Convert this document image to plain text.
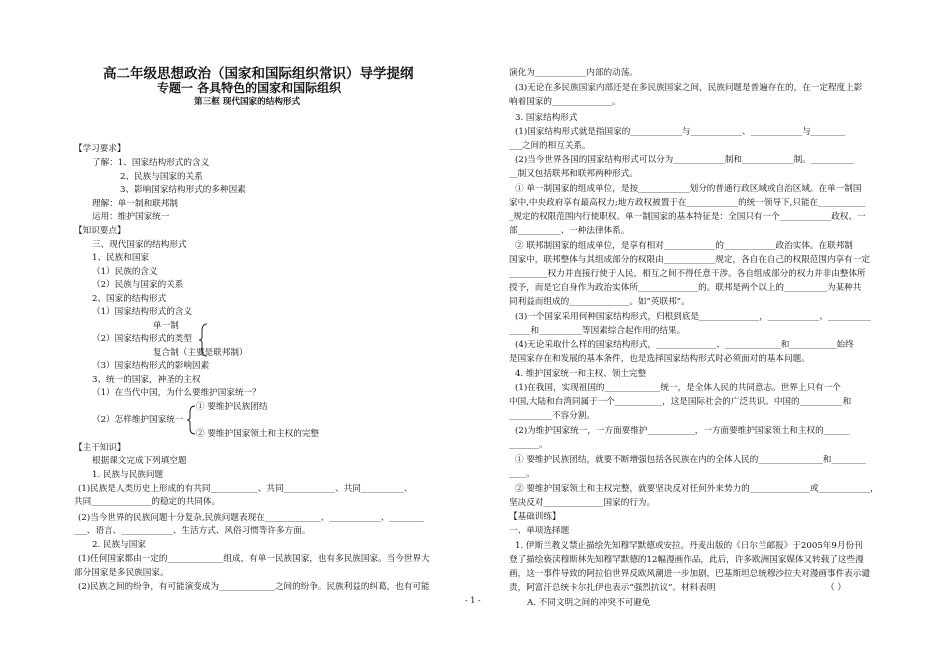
高二年级思想政治（国家和国际组织常识）导学提纲
专题一 各具特色的国家和国际组织
第三框 现代国家的结构形式
【学习要求】
了解：1、国家结构形式的含义
2、民族与国家的关系
3、影响国家结构形式的多种因素
理解：单一制和联邦制
运用：维护国家统一
【知识要点】
三、现代国家的结构形式
1、民族和国家
（1）民族的含义
（2）民族与国家的关系
2、国家的结构形式
（1）国家结构形式的含义
单一制
（2）国家结构形式的类型
复合制（主要是联邦制）
（3）国家结构形式的影响因素
3、统一的国家，神圣的主权
（1）在当代中国，为什么要维护国家统一？
① 要维护民族团结
（2）怎样维护国家统一
② 要维护国家领土和主权的完整
【主干知识】
根据课文完成下列填空题
1. 民族与民族问题
(1)民族是人类历史上形成的有共同___________、共同____________、共同__________、
共同______________的稳定的共同体。
(2)当今世界的民族问题十分复杂,民族问题表现在_____________、____________、________
___、语言、____________、生活方式、风俗习惯等许多方面。
2. 民族与国家
(1)任何国家都由一定的_____________组成，有单一民族国家，也有多民族国家。当今世界大
部分国家是多民族国家。
(2)民族之间的纷争，有可能演变成为_____________之间的纷争。民族利益的纠葛，也有可能
演化为____________内部的动荡。
(3)无论在多民族国家内部还是在多民族国家之间，民族问题是普遍存在的，在一定程度上影
响着国家的______________。
3. 国家结构形式
(1)国家结构形式就是指国家的____________与____________、____________与________
___之间的相互关系。
(2)当今世界各国的国家结构形式可以分为____________制和____________制。__________
__制又包括联邦和联邦两种形式。
① 单一制国家的组成单位，是按____________划分的普通行政区域或自治区域。在单一制国
家中,中央政府享有最高权力;地方政权被置于在____________的统一领导下,只能在___________
_规定的权限范围内行使职权。单一制国家的基本特征是：全国只有一个____________政权、一
部__________、一种法律体系。
② 联邦制国家的组成单位，是享有相对____________的____________政治实体。在联邦制
国家中，联邦整体与其组成部分的权限由____________规定，各自在自己的权限范围内享有一定
_________权力并直接行使于人民，相互之间不得任意干涉。各自组成部分的权力并非由整体所
授予，而是它自身作为政治实体所______________的。联邦是两个以上的__________为某种共
同利益而组成的______________。如“英联邦”。
(3)一个国家采用何种国家结构形式，归根到底是______________，____________、__________
_____和__________等因素综合起作用的结果。
(4)无论采取什么样的国家结构形式，______________、_____________和___________始终
是国家存在和发展的基本条件，也是选择国家结构形式时必须面对的基本问题。
4. 维护国家统一和主权、领土完整
(1)在我国，实现祖国的_____________统一，是全体人民的共同意志。世界上只有一个
中国,大陆和台湾同属于一个___________，这是国际社会的广泛共识。中国的__________和
__________不容分割。
(2)为维护国家统一，一方面要维护___________，一方面要维护国家领土和主权的______
_______。
① 要维护民族团结，就要不断增强包括各民族在内的全体人民的_______________和________
____。
② 要维护国家领土和主权完整，就要坚决反对任何外来势力的______________或____________，
坚决反对______________国家的行为。
【基础训练】
一、单项选择题
1. 伊斯兰教义禁止描绘先知穆罕默德或安拉。丹麦出版的《日尔兰邮报》于2005年9月份刊
登了描绘亵渎穆斯林先知穆罕默德的12幅漫画作品，此后，许多欧洲国家媒体又转载了这些漫
画，这一事件导致的阿拉伯世界反欧风潮进一步加剧，巴基斯坦总统穆沙拉夫对漫画事件表示谴
责，阿富汗总统卡尔扎伊也表示“强烈抗议”。材料表明	（ ）
A. 不同文明之间的冲突不可避免
- 1 -
